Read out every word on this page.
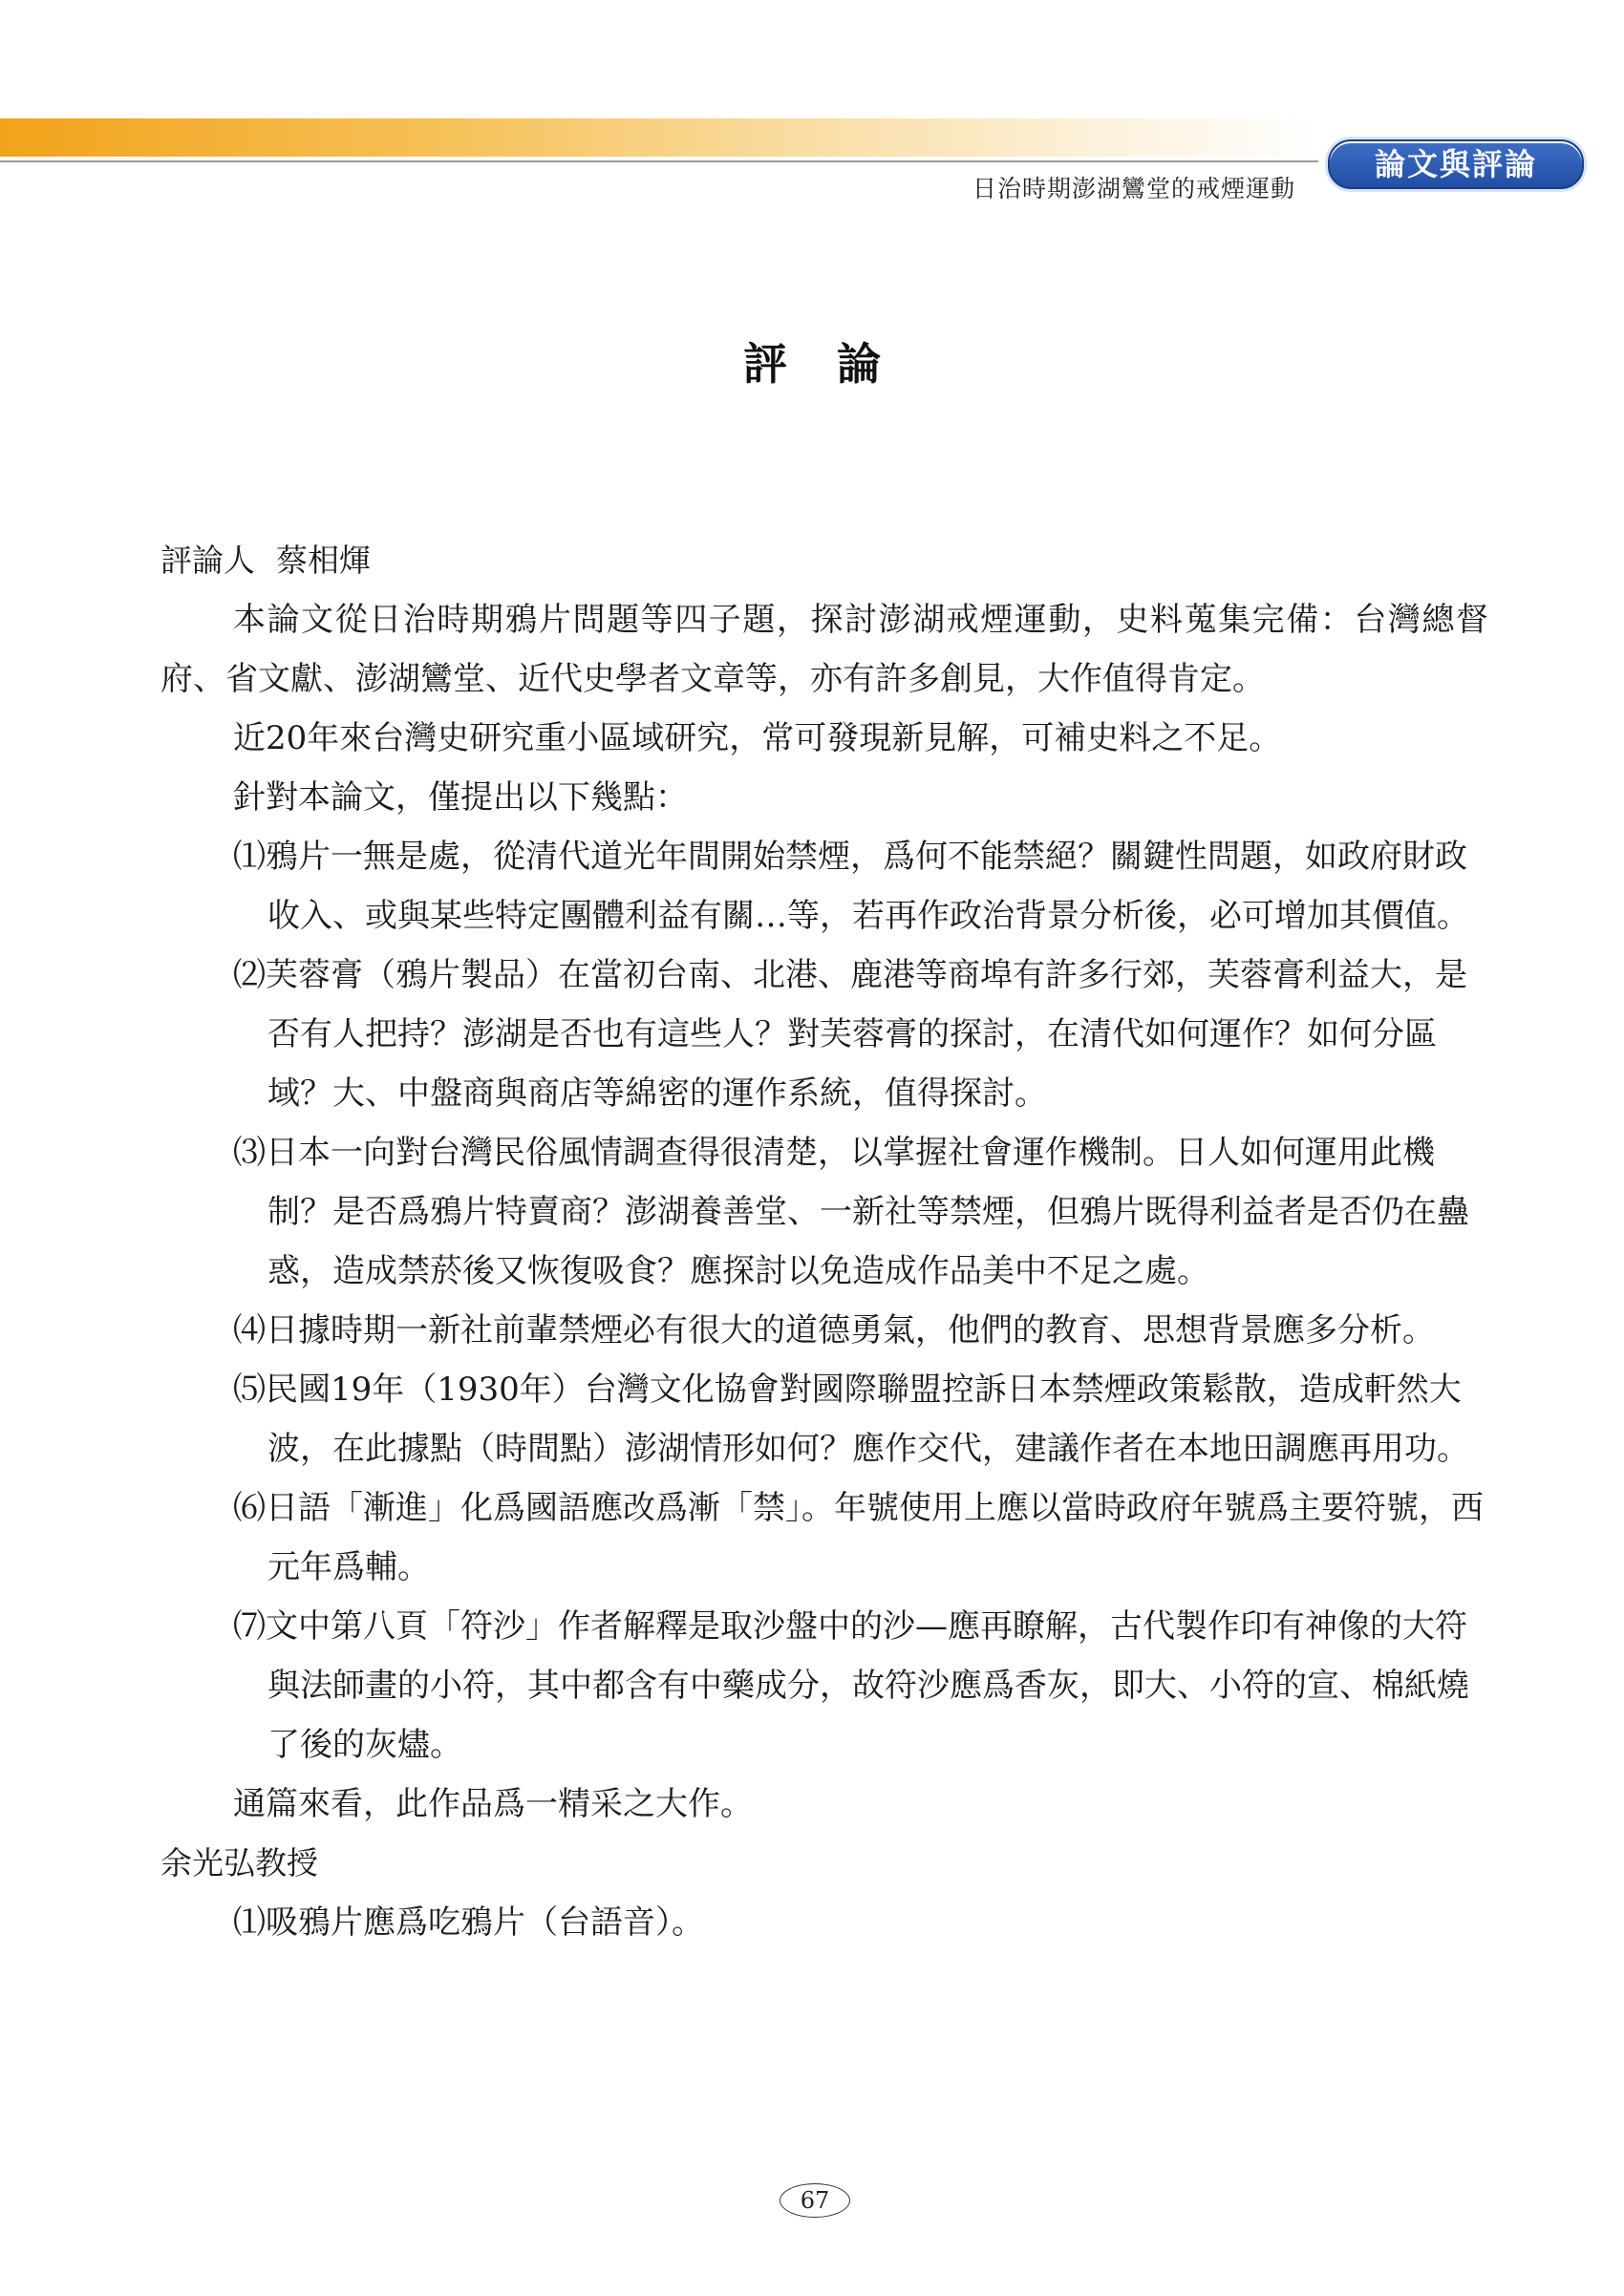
日治時期澎湖鸞堂的戒煙運動
論文與評論
評論

評論人 蔡相煇

本論文從日治時期鴉片問題等四子題，探討澎湖戒煙運動，史料蒐集完備：台灣總督府、省文獻、澎湖鸞堂、近代史學者文章等，亦有許多創見，大作值得肯定。

近20年來台灣史研究重小區域研究，常可發現新見解，可補史料之不足。

針對本論文，僅提出以下幾點：

⑴鴉片一無是處，從清代道光年間開始禁煙，爲何不能禁絕？關鍵性問題，如政府財政收入、或與某些特定團體利益有關…等，若再作政治背景分析後，必可增加其價值。

⑵芙蓉膏（鴉片製品）在當初台南、北港、鹿港等商埠有許多行郊，芙蓉膏利益大，是否有人把持？澎湖是否也有這些人？對芙蓉膏的探討，在清代如何運作？如何分區域？大、中盤商與商店等綿密的運作系統，值得探討。

⑶日本一向對台灣民俗風情調查得很清楚，以掌握社會運作機制。日人如何運用此機制？是否爲鴉片特賣商？澎湖養善堂、一新社等禁煙，但鴉片既得利益者是否仍在蠱惑，造成禁菸後又恢復吸食？應探討以免造成作品美中不足之處。

⑷日據時期一新社前輩禁煙必有很大的道德勇氣，他們的教育、思想背景應多分析。

⑸民國19年（1930年）台灣文化協會對國際聯盟控訴日本禁煙政策鬆散，造成軒然大波，在此據點（時間點）澎湖情形如何？應作交代，建議作者在本地田調應再用功。

⑹日語「漸進」化爲國語應改爲漸「禁」。年號使用上應以當時政府年號爲主要符號，西元年爲輔。

⑺文中第八頁「符沙」作者解釋是取沙盤中的沙—應再瞭解，古代製作印有神像的大符與法師畫的小符，其中都含有中藥成分，故符沙應爲香灰，即大、小符的宣、棉紙燒了後的灰燼。

通篇來看，此作品爲一精采之大作。

余光弘教授

⑴吸鴉片應爲吃鴉片（台語音）。

67
